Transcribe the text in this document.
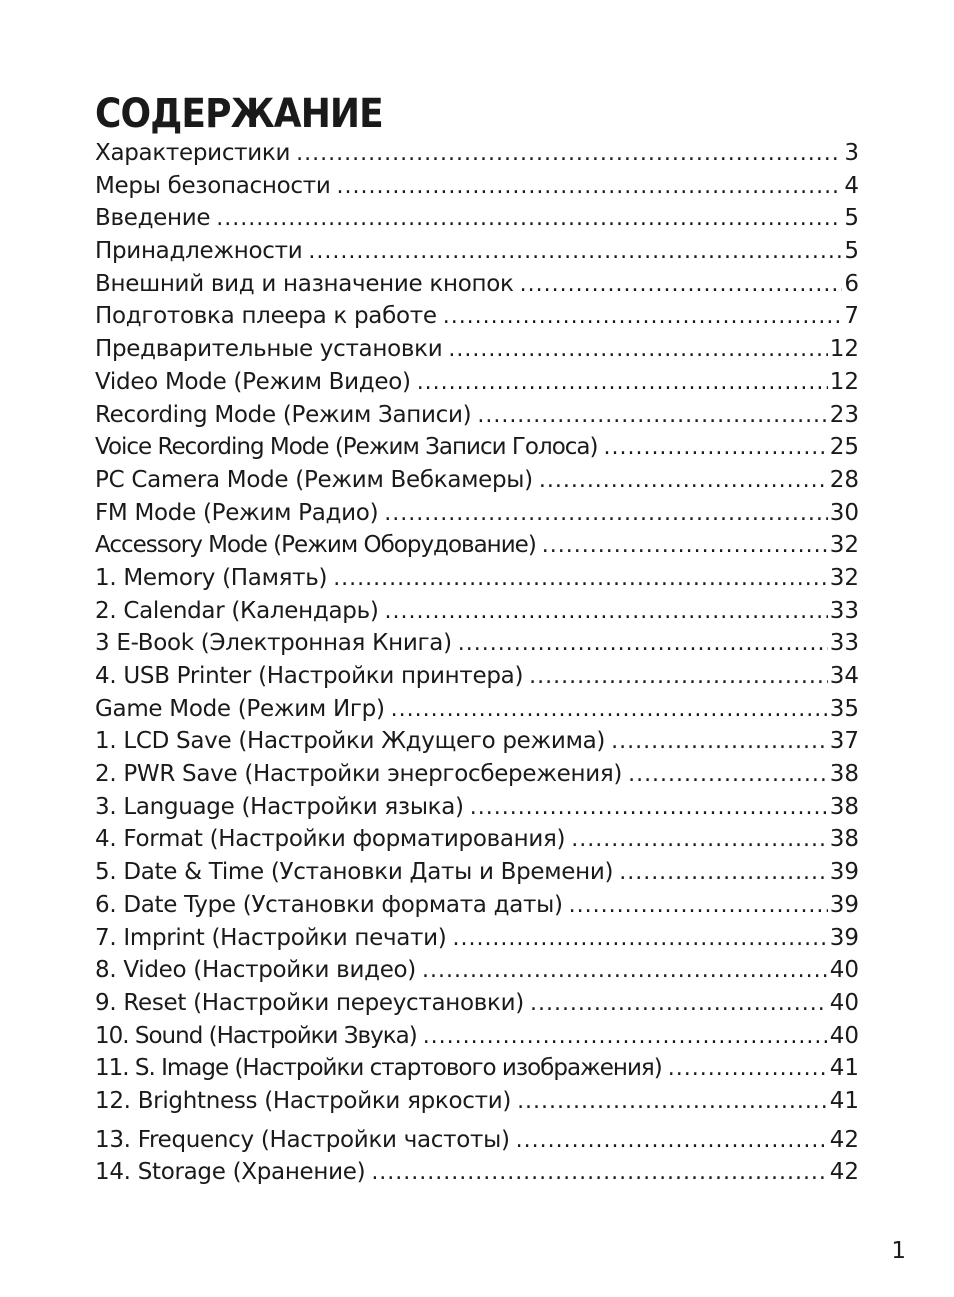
СОДЕРЖАНИЕ
Характеристики .....	3
Меры безопасности .....	4
Введение .....	5
Принадлежности .....	5
Внешний вид и назначение кнопок .....	6
Подготовка плеера к работе .....	7
Предварительные установки .....	12
Video Mode (Режим Видео) .....	12
Recording Mode (Режим Записи) .....	23
Voice Recording Mode (Режим Записи Голоса) .....	25
PC Camera Mode (Режим Вебкамеры) .....	28
FM Mode (Режим Радио) .....	30
Accessory Mode (Режим Оборудование) .....	32
1. Memory (Память) .....	32
2. Calendar (Календарь) .....	33
3 E-Book (Электронная Книга) .....	33
4. USB Printer (Настройки принтера) .....	34
Game Mode (Режим Игр) .....	35
1. LCD Save (Настройки Ждущего режима) .....	37
2. PWR Save (Настройки энергосбережения) .....	38
3. Language (Настройки языка) .....	38
4. Format (Настройки форматирования) .....	38
5. Date & Time (Установки Даты и Времени) .....	39
6. Date Type (Установки формата даты) .....	39
7. Imprint (Настройки печати) .....	39
8. Video (Настройки видео) .....	40
9. Reset (Настройки переустановки) .....	40
10. Sound (Настройки Звука) .....	40
11. S. Image (Настройки стартового изображения) .....	41
12. Brightness (Настройки яркости) .....	41
13. Frequency (Настройки частоты) .....	42
14. Storage (Хранение) .....	42
1
